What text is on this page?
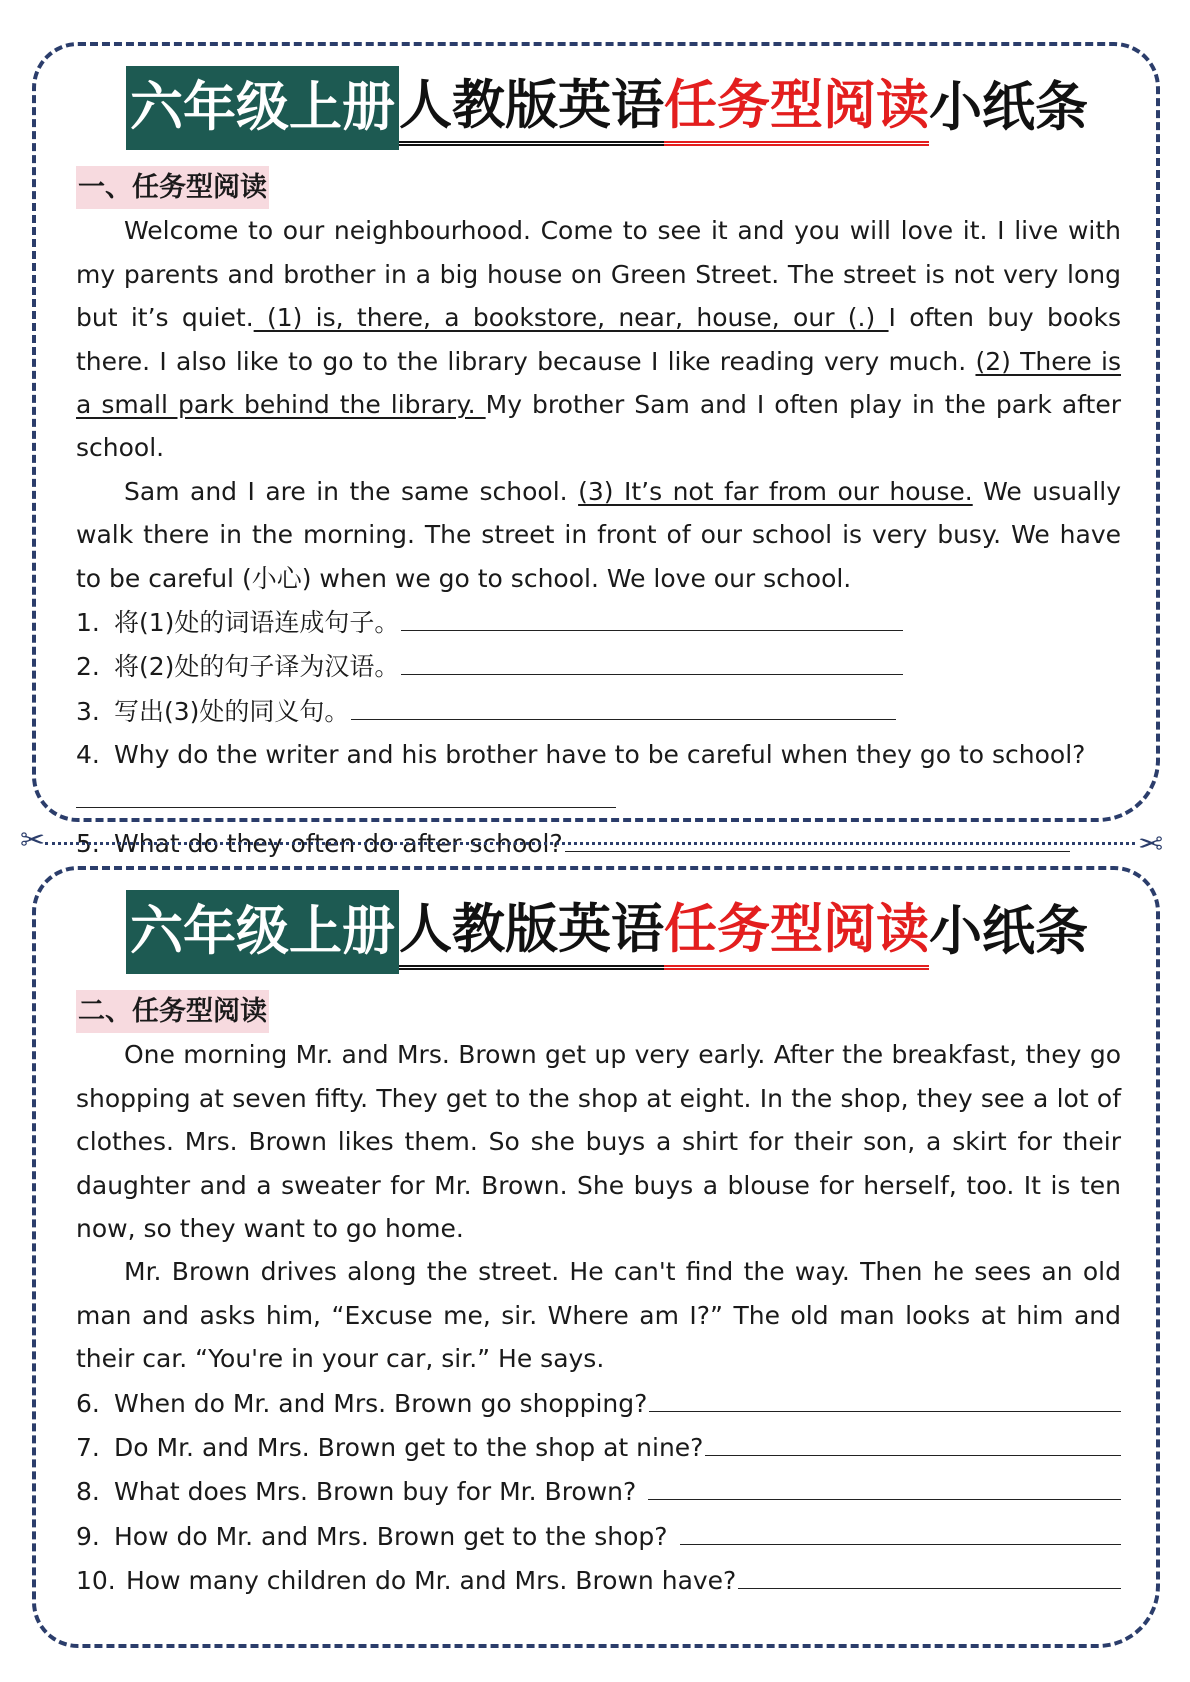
六年级上册 人教版英语 任务型阅读 小纸条
一、任务型阅读

Welcome to our neighbourhood. Come to see it and you will love it. I live with my parents and brother in a big house on Green Street. The street is not very long but it’s quiet. (1) is, there, a bookstore, near, house, our (.) I often buy books there. I also like to go to the library because I like reading very much. (2) There is a small park behind the library. My brother Sam and I often play in the park after school.

Sam and I are in the same school. (3) It’s not far from our house. We usually walk there in the morning. The street in front of our school is very busy. We have to be careful (小心) when we go to school. We love our school.

1. 将(1)处的词语连成句子。
2. 将(2)处的句子译为汉语。
3. 写出(3)处的同义句。
4. Why do the writer and his brother have to be careful when they go to school?
5. What do they often do after school?
✂	✂
六年级上册 人教版英语 任务型阅读 小纸条
二、任务型阅读

One morning Mr. and Mrs. Brown get up very early. After the breakfast, they go shopping at seven fifty. They get to the shop at eight. In the shop, they see a lot of clothes. Mrs. Brown likes them. So she buys a shirt for their son, a skirt for their daughter and a sweater for Mr. Brown. She buys a blouse for herself, too. It is ten now, so they want to go home.

Mr. Brown drives along the street. He can't find the way. Then he sees an old man and asks him, “Excuse me, sir. Where am I?” The old man looks at him and their car. “You're in your car, sir.” He says.

6. When do Mr. and Mrs. Brown go shopping?
7. Do Mr. and Mrs. Brown get to the shop at nine?
8. What does Mrs. Brown buy for Mr. Brown?
9. How do Mr. and Mrs. Brown get to the shop?
10. How many children do Mr. and Mrs. Brown have?
